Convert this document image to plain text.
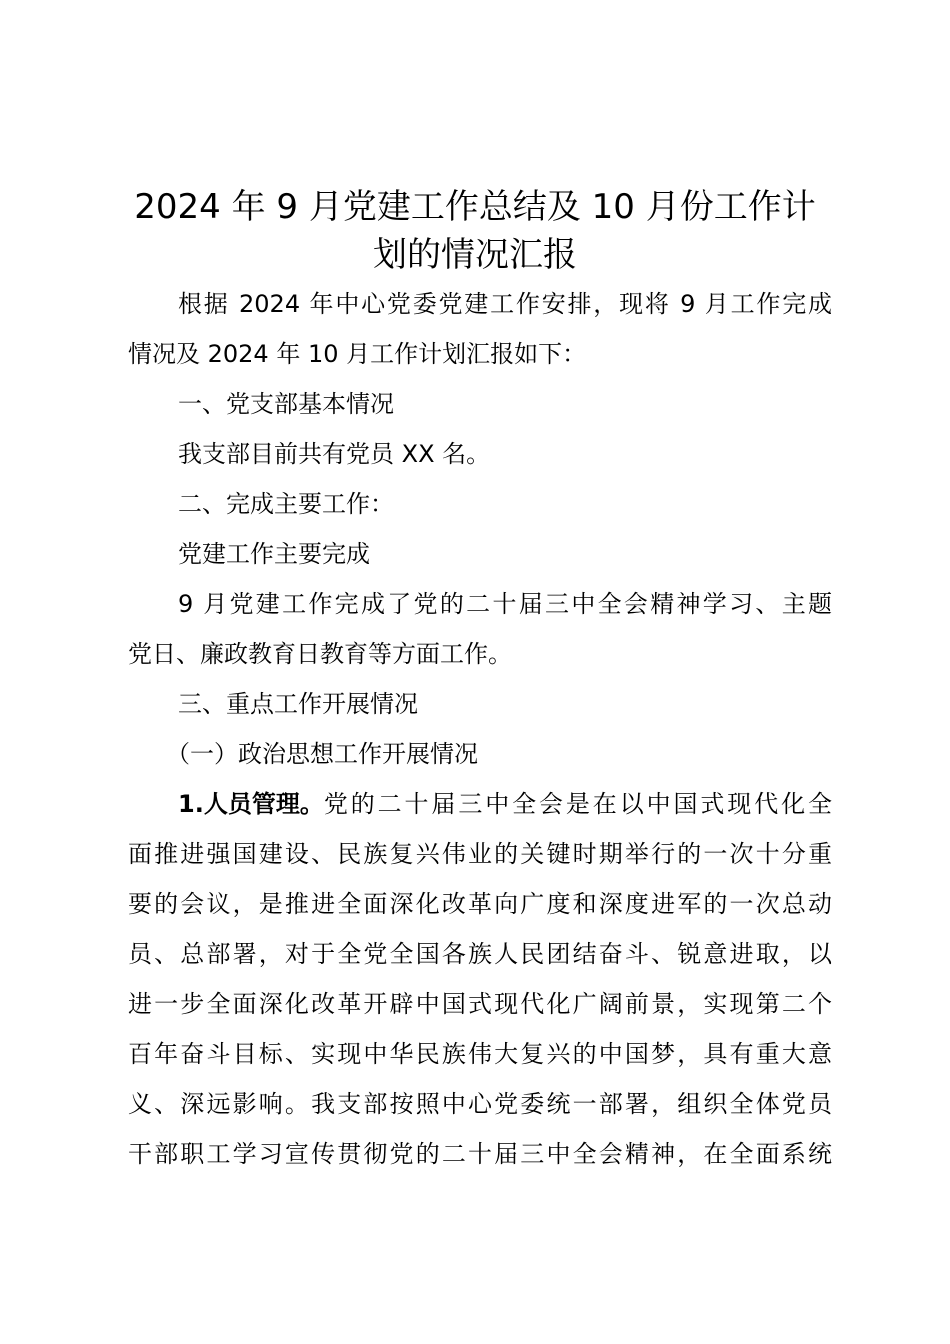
2024 年 9 月党建工作总结及 10 月份工作计
划的情况汇报

根据 2024 年中心党委党建工作安排，现将 9 月工作完成

情况及 2024 年 10 月工作计划汇报如下：

一、党支部基本情况

我支部目前共有党员 XX 名。

二、完成主要工作：

党建工作主要完成

9 月党建工作完成了党的二十届三中全会精神学习、主题

党日、廉政教育日教育等方面工作。

三、重点工作开展情况

（一）政治思想工作开展情况

1.人员管理。 党的二十届三中全会是在以中国式现代化全

面推进强国建设、民族复兴伟业的关键时期举行的一次十分重

要的会议，是推进全面深化改革向广度和深度进军的一次总动

员、总部署，对于全党全国各族人民团结奋斗、锐意进取，以

进一步全面深化改革开辟中国式现代化广阔前景，实现第二个

百年奋斗目标、实现中华民族伟大复兴的中国梦，具有重大意

义、深远影响。我支部按照中心党委统一部署，组织全体党员

干部职工学习宣传贯彻党的二十届三中全会精神，在全面系统
